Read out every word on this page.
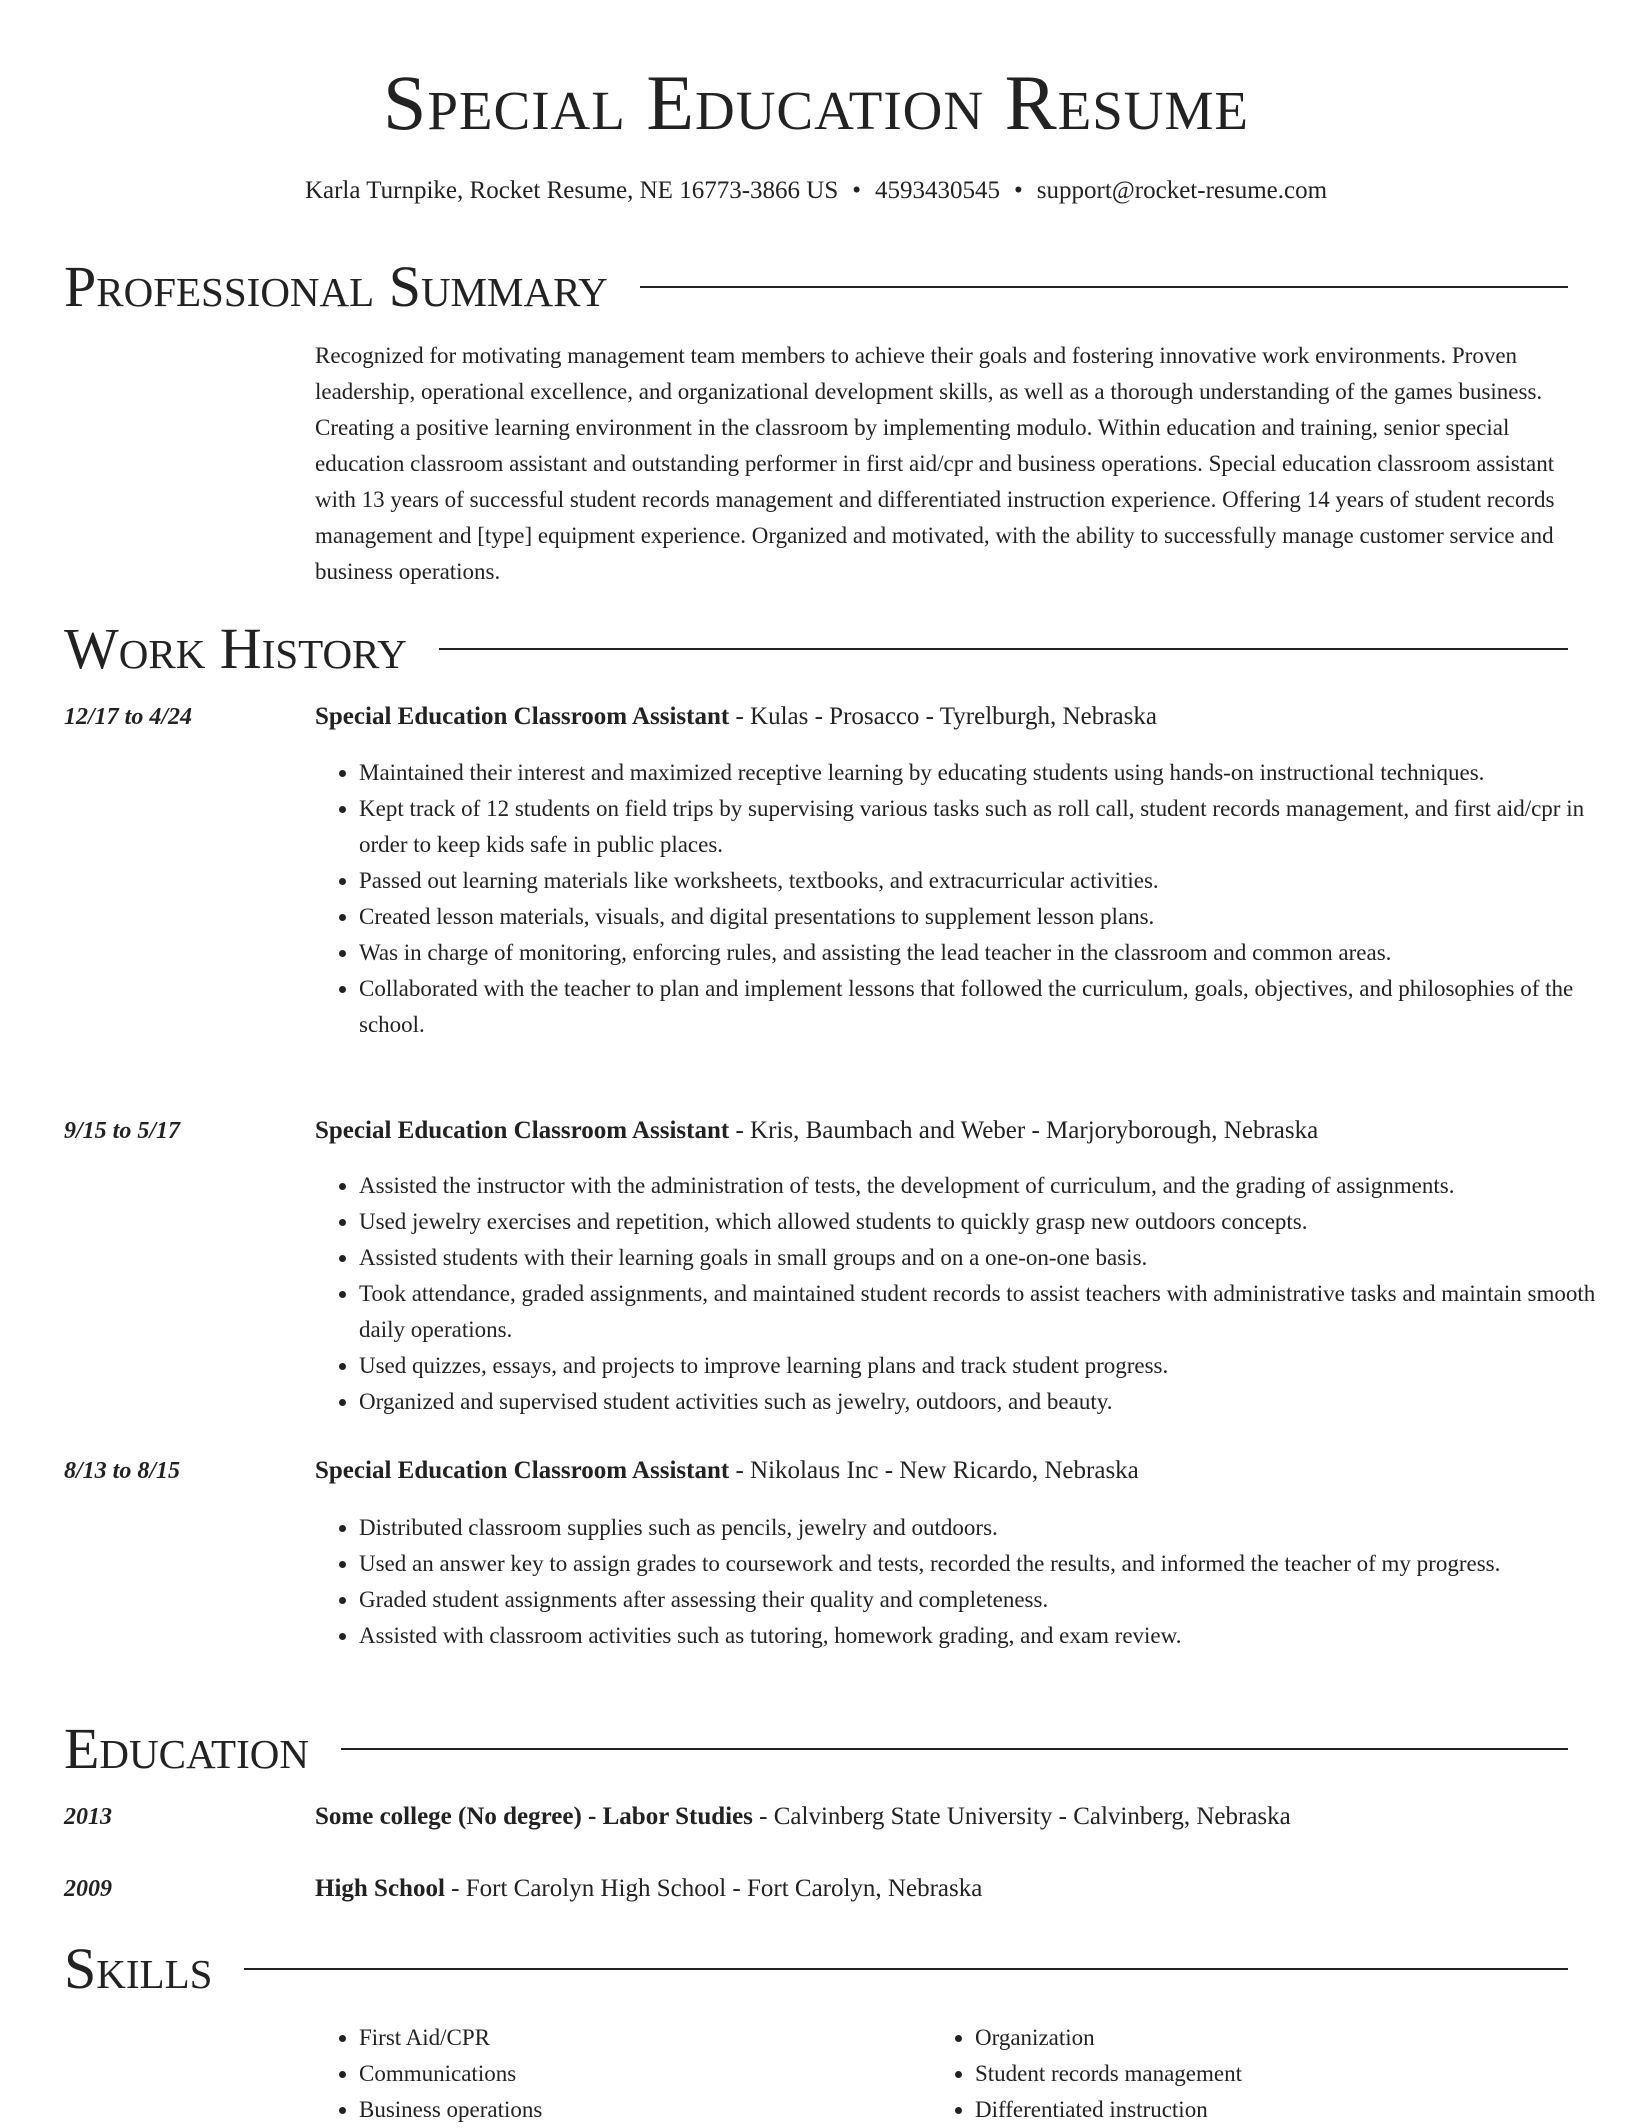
Special Education Resume
Karla Turnpike, Rocket Resume, NE 16773-3866 US • 4593430545 • support@rocket-resume.com
Professional Summary

Recognized for motivating management team members to achieve their goals and fostering innovative work environments. Proven leadership, operational excellence, and organizational development skills, as well as a thorough understanding of the games business. Creating a positive learning environment in the classroom by implementing modulo. Within education and training, senior special education classroom assistant and outstanding performer in first aid/cpr and business operations. Special education classroom assistant with 13 years of successful student records management and differentiated instruction experience. Offering 14 years of student records management and [type] equipment experience. Organized and motivated, with the ability to successfully manage customer service and business operations.

Work History
12/17 to 4/24	Special Education Classroom Assistant - Kulas - Prosacco - Tyrelburgh, Nebraska
• Maintained their interest and maximized receptive learning by educating students using hands-on instructional techniques.
• Kept track of 12 students on field trips by supervising various tasks such as roll call, student records management, and first aid/cpr in order to keep kids safe in public places.
• Passed out learning materials like worksheets, textbooks, and extracurricular activities.
• Created lesson materials, visuals, and digital presentations to supplement lesson plans.
• Was in charge of monitoring, enforcing rules, and assisting the lead teacher in the classroom and common areas.
• Collaborated with the teacher to plan and implement lessons that followed the curriculum, goals, objectives, and philosophies of the school.
9/15 to 5/17	Special Education Classroom Assistant - Kris, Baumbach and Weber - Marjoryborough, Nebraska
• Assisted the instructor with the administration of tests, the development of curriculum, and the grading of assignments.
• Used jewelry exercises and repetition, which allowed students to quickly grasp new outdoors concepts.
• Assisted students with their learning goals in small groups and on a one-on-one basis.
• Took attendance, graded assignments, and maintained student records to assist teachers with administrative tasks and maintain smooth daily operations.
• Used quizzes, essays, and projects to improve learning plans and track student progress.
• Organized and supervised student activities such as jewelry, outdoors, and beauty.
8/13 to 8/15	Special Education Classroom Assistant - Nikolaus Inc - New Ricardo, Nebraska
• Distributed classroom supplies such as pencils, jewelry and outdoors.
• Used an answer key to assign grades to coursework and tests, recorded the results, and informed the teacher of my progress.
• Graded student assignments after assessing their quality and completeness.
• Assisted with classroom activities such as tutoring, homework grading, and exam review.
Education
2013	Some college (No degree) - Labor Studies - Calvinberg State University - Calvinberg, Nebraska
2009	High School - Fort Carolyn High School - Fort Carolyn, Nebraska
Skills
• First Aid/CPR
• Communications
• Business operations
• Organization
• Student records management
• Differentiated instruction
